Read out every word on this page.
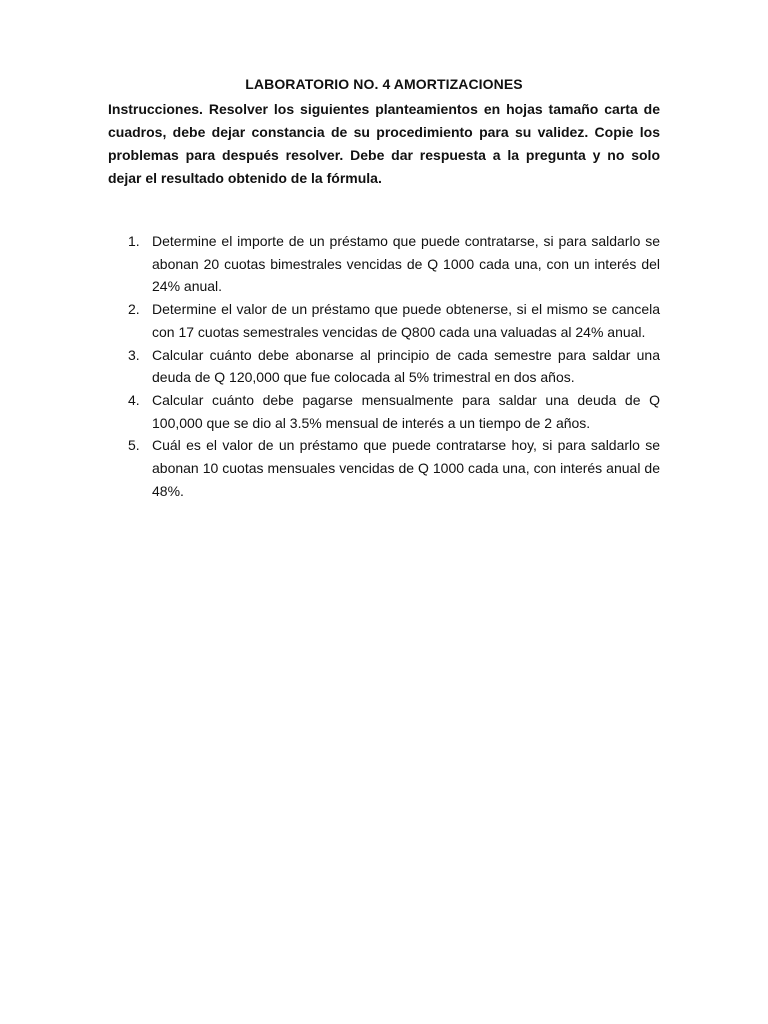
LABORATORIO NO. 4 AMORTIZACIONES

Instrucciones. Resolver los siguientes planteamientos en hojas tamaño carta de cuadros, debe dejar constancia de su procedimiento para su validez. Copie los problemas para después resolver. Debe dar respuesta a la pregunta y no solo dejar el resultado obtenido de la fórmula.

1. Determine el importe de un préstamo que puede contratarse, si para saldarlo se abonan 20 cuotas bimestrales vencidas de Q 1000 cada una, con un interés del 24% anual.
2. Determine el valor de un préstamo que puede obtenerse, si el mismo se cancela con 17 cuotas semestrales vencidas de Q800 cada una valuadas al 24% anual.
3. Calcular cuánto debe abonarse al principio de cada semestre para saldar una deuda de Q 120,000 que fue colocada al 5% trimestral en dos años.
4. Calcular cuánto debe pagarse mensualmente para saldar una deuda de Q 100,000 que se dio al 3.5% mensual de interés a un tiempo de 2 años.
5. Cuál es el valor de un préstamo que puede contratarse hoy, si para saldarlo se abonan 10 cuotas mensuales vencidas de Q 1000 cada una, con interés anual de 48%.
